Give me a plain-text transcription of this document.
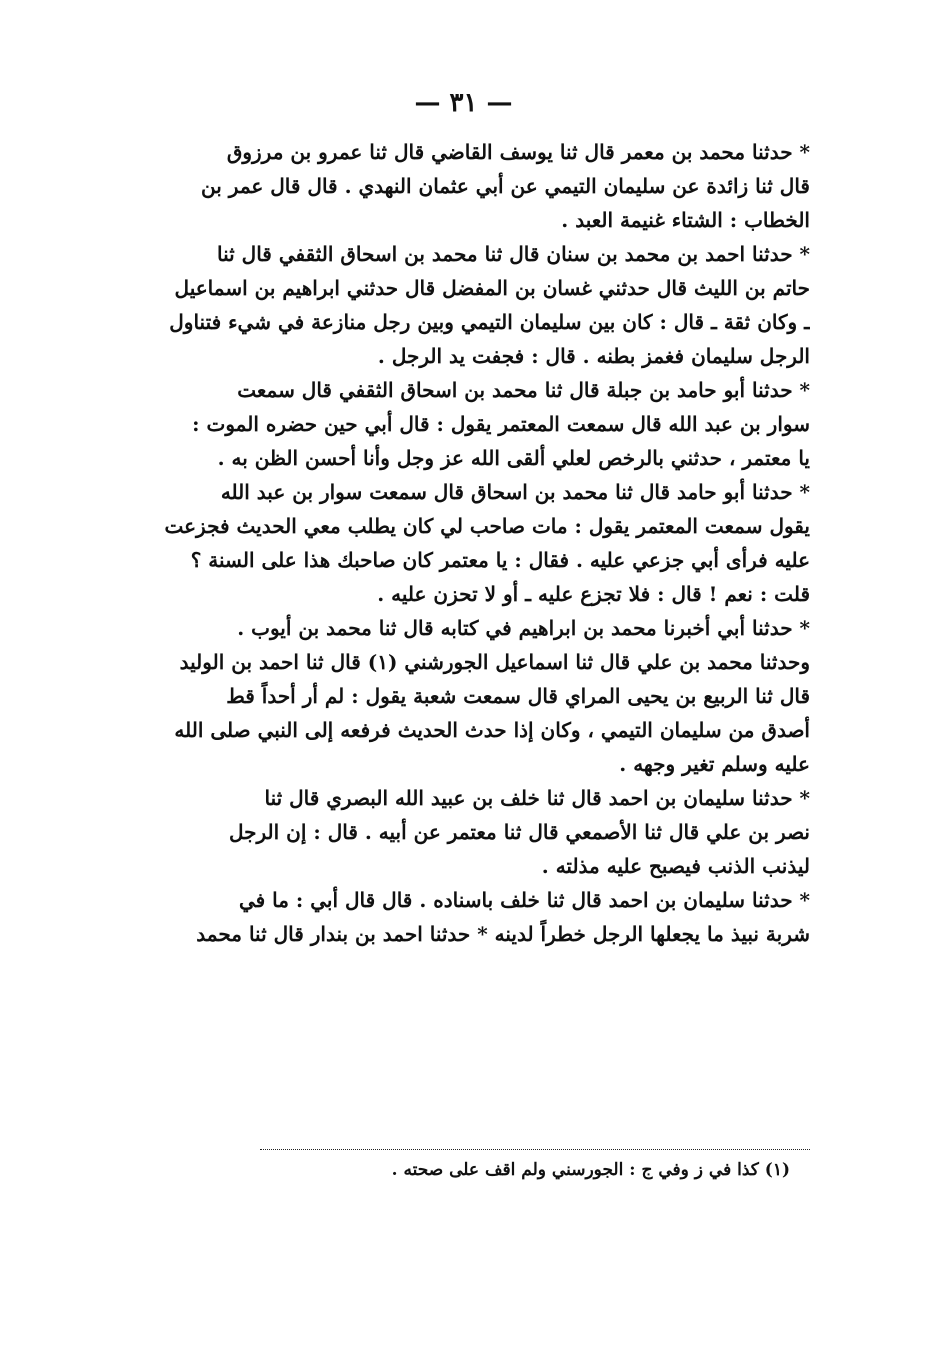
— ٣١ —
* حدثنا محمد بن معمر قال ثنا يوسف القاضي قال ثنا عمرو بن مرزوق
قال ثنا زائدة عن سليمان التيمي عن أبي عثمان النهدي . قال قال عمر بن
الخطاب : الشتاء غنيمة العبد .
* حدثنا احمد بن محمد بن سنان قال ثنا محمد بن اسحاق الثقفي قال ثنا
حاتم بن الليث قال حدثني غسان بن المفضل قال حدثني ابراهيم بن اسماعيل
ـ وكان ثقة ـ قال : كان بين سليمان التيمي وبين رجل منازعة في شيء فتناول
الرجل سليمان فغمز بطنه . قال : فجفت يد الرجل .
* حدثنا أبو حامد بن جبلة قال ثنا محمد بن اسحاق الثقفي قال سمعت
سوار بن عبد الله قال سمعت المعتمر يقول : قال أبي حين حضره الموت :
يا معتمر ، حدثني بالرخص لعلي ألقى الله عز وجل وأنا أحسن الظن به .
* حدثنا أبو حامد قال ثنا محمد بن اسحاق قال سمعت سوار بن عبد الله
يقول سمعت المعتمر يقول : مات صاحب لي كان يطلب معي الحديث فجزعت
عليه فرأى أبي جزعي عليه . فقال : يا معتمر كان صاحبك هذا على السنة ؟
قلت : نعم ! قال : فلا تجزع عليه ـ أو لا تحزن عليه .
* حدثنا أبي أخبرنا محمد بن ابراهيم في كتابه قال ثنا محمد بن أيوب .
وحدثنا محمد بن علي قال ثنا اسماعيل الجورشني (١) قال ثنا احمد بن الوليد
قال ثنا الربيع بن يحيى المراي قال سمعت شعبة يقول : لم أر أحداً قط
أصدق من سليمان التيمي ، وكان إذا حدث الحديث فرفعه إلى النبي صلى الله
عليه وسلم تغير وجهه .
* حدثنا سليمان بن احمد قال ثنا خلف بن عبيد الله البصري قال ثنا
نصر بن علي قال ثنا الأصمعي قال ثنا معتمر عن أبيه . قال : إن الرجل
ليذنب الذنب فيصبح عليه مذلته .
* حدثنا سليمان بن احمد قال ثنا خلف باسناده . قال قال أبي : ما في
شربة نبيذ ما يجعلها الرجل خطراً لدينه * حدثنا احمد بن بندار قال ثنا محمد
(١) كذا في ز وفي ج : الجورسني ولم اقف على صحته .
